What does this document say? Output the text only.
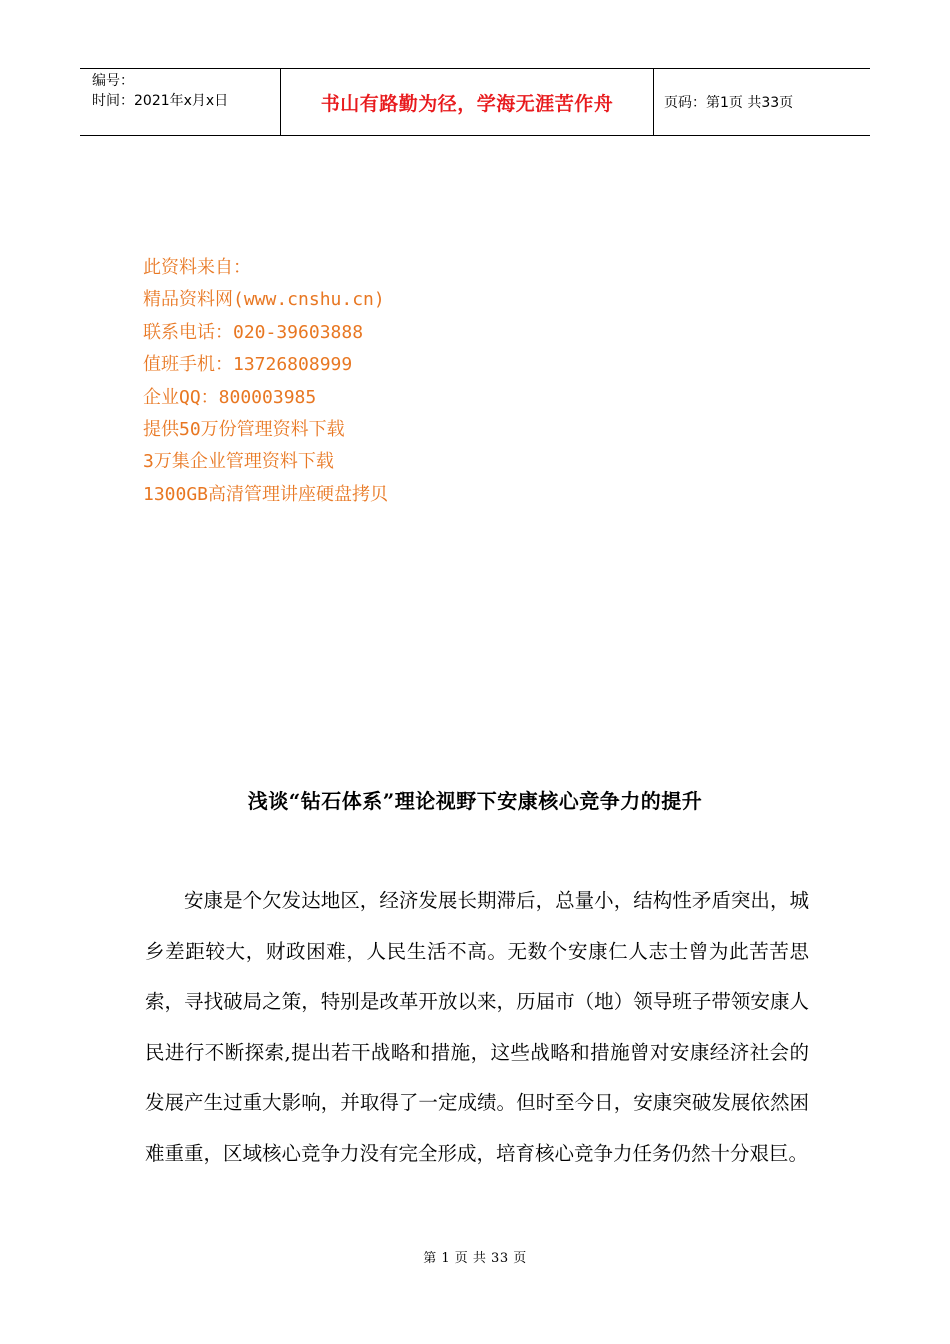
编号：
时间：2021年x月x日	书山有路勤为径，学海无涯苦作舟	页码：第1页 共33页
此资料来自：
精品资料网(www.cnshu.cn)
联系电话：020-39603888
值班手机：13726808999
企业QQ：800003985
提供50万份管理资料下载
3万集企业管理资料下载
1300GB高清管理讲座硬盘拷贝
浅谈“钻石体系”理论视野下安康核心竞争力的提升

安康是个欠发达地区，经济发展长期滞后，总量小，结构性矛盾突出，城乡差距较大，财政困难，人民生活不高。无数个安康仁人志士曾为此苦苦思索，寻找破局之策，特别是改革开放以来，历届市（地）领导班子带领安康人民进行不断探索,提出若干战略和措施，这些战略和措施曾对安康经济社会的发展产生过重大影响，并取得了一定成绩。但时至今日，安康突破发展依然困难重重，区域核心竞争力没有完全形成，培育核心竞争力任务仍然十分艰巨。

第 1 页 共 33 页
